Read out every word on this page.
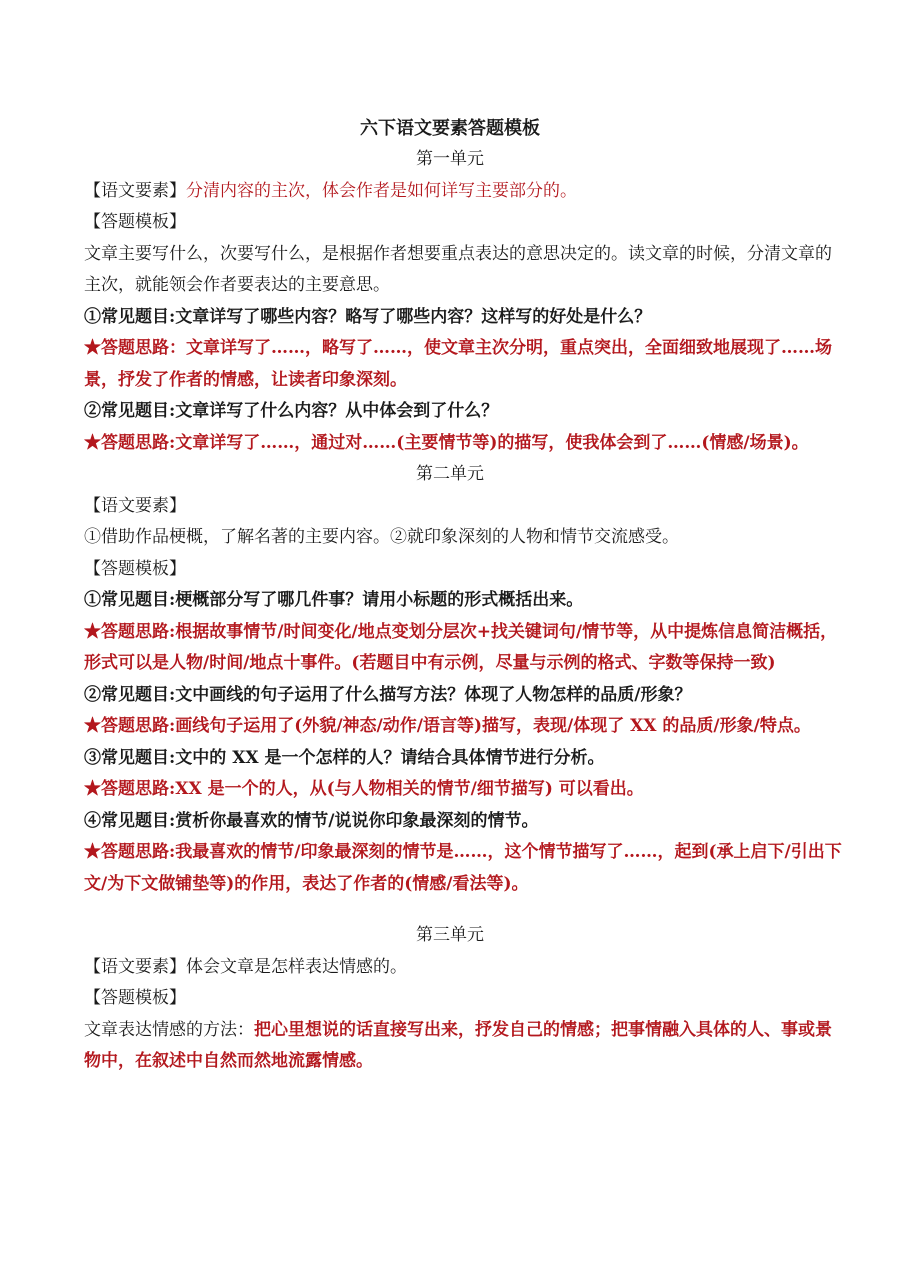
六下语文要素答题模板
第一单元
【语文要素】分清内容的主次，体会作者是如何详写主要部分的。
【答题模板】
文章主要写什么，次要写什么，是根据作者想要重点表达的意思决定的。读文章的时候，分清文章的主次，就能领会作者要表达的主要意思。
①常见题目:文章详写了哪些内容？略写了哪些内容？这样写的好处是什么？
★答题思路：文章详写了……，略写了……，使文章主次分明，重点突出，全面细致地展现了……场景，抒发了作者的情感，让读者印象深刻。
②常见题目:文章详写了什么内容？从中体会到了什么？
★答题思路:文章详写了……，通过对……(主要情节等)的描写，使我体会到了……(情感/场景)。
第二单元
【语文要素】
①借助作品梗概，了解名著的主要内容。②就印象深刻的人物和情节交流感受。
【答题模板】
①常见题目:梗概部分写了哪几件事？请用小标题的形式概括出来。
★答题思路:根据故事情节/时间变化/地点变划分层次+找关键词句/情节等，从中提炼信息简洁概括，形式可以是人物/时间/地点十事件。(若题目中有示例，尽量与示例的格式、字数等保持一致)
②常见题目:文中画线的句子运用了什么描写方法？体现了人物怎样的品质/形象？
★答题思路:画线句子运用了(外貌/神态/动作/语言等)描写，表现/体现了 XX 的品质/形象/特点。
③常见题目:文中的 XX 是一个怎样的人？请结合具体情节进行分析。
★答题思路:XX 是一个的人，从(与人物相关的情节/细节描写) 可以看出。
④常见题目:赏析你最喜欢的情节/说说你印象最深刻的情节。
★答题思路:我最喜欢的情节/印象最深刻的情节是……，这个情节描写了……，起到(承上启下/引出下文/为下文做铺垫等)的作用，表达了作者的(情感/看法等)。
第三单元
【语文要素】体会文章是怎样表达情感的。
【答题模板】
文章表达情感的方法：把心里想说的话直接写出来，抒发自己的情感；把事情融入具体的人、事或景物中，在叙述中自然而然地流露情感。
